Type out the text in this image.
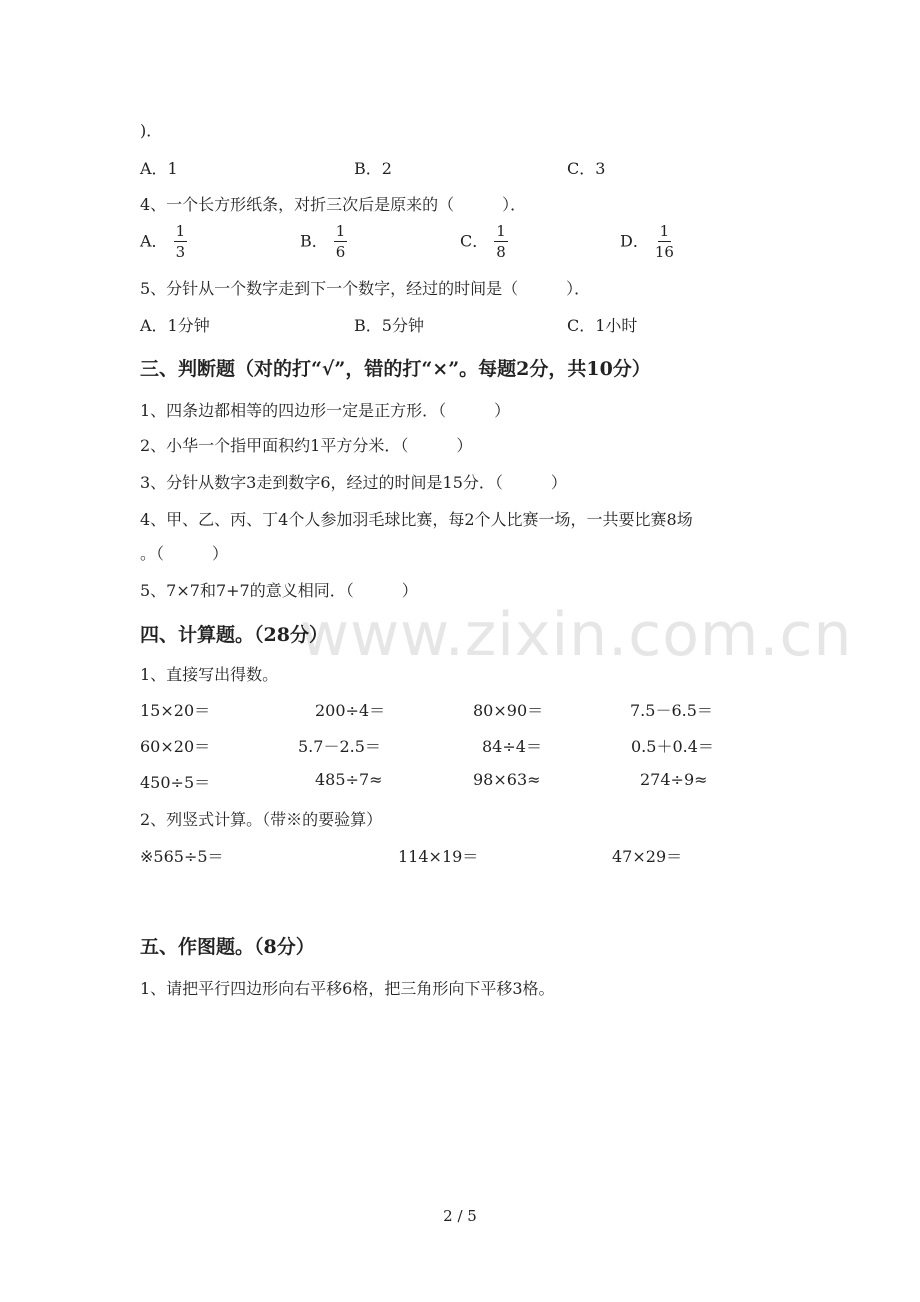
www.zixin.com.cn
)．
A．1	B．2	C．3
4、一个长方形纸条，对折三次后是原来的（　　　）．
A． $\frac{1}{3}$	B． $\frac{1}{6}$	C． $\frac{1}{8}$	D． $\frac{1}{16}$
5、分针从一个数字走到下一个数字，经过的时间是（　　　）．
A．1分钟	B．5分钟	C．1小时
三、判断题（对的打“√”，错的打“×”。每题2分，共10分）
1、四条边都相等的四边形一定是正方形．（　　　）
2、小华一个指甲面积约1平方分米．（　　　）
3、分针从数字3走到数字6，经过的时间是15分．（　　　）
4、甲、乙、丙、丁4个人参加羽毛球比赛，每2个人比赛一场，一共要比赛8场
。（　　　）
5、7×7和7+7的意义相同．（　　　）
四、计算题。（28分）
1、直接写出得数。
15×20＝	200÷4＝	80×90＝	7.5－6.5＝
60×20＝	5.7－2.5＝	84÷4＝	0.5＋0.4＝
450÷5＝	485÷7≈	98×63≈	274÷9≈
2、列竖式计算。（带※的要验算）
※565÷5＝	114×19＝	47×29＝
五、作图题。（8分）
1、请把平行四边形向右平移6格，把三角形向下平移3格。
2 / 5
